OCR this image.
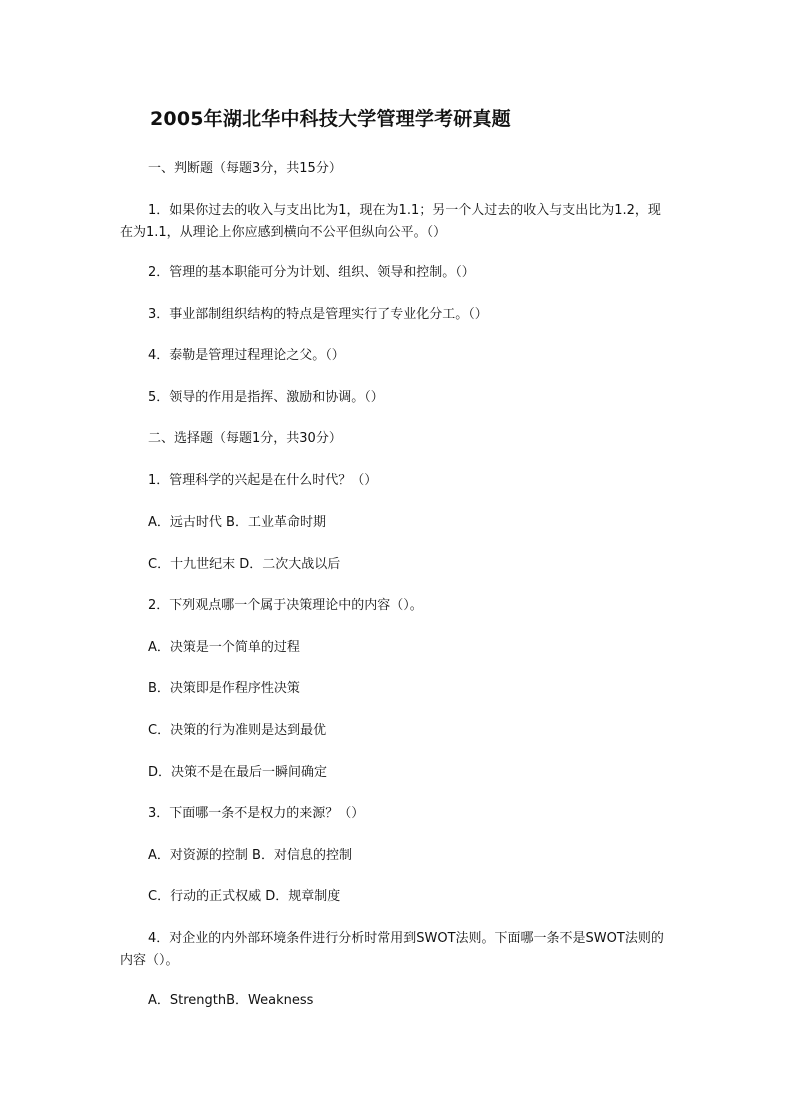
2005年湖北华中科技大学管理学考研真题
一、判断题（每题3分，共15分）
1．如果你过去的收入与支出比为1，现在为1.1；另一个人过去的收入与支出比为1.2，现在为1.1，从理论上你应感到横向不公平但纵向公平。（）
2．管理的基本职能可分为计划、组织、领导和控制。（）
3．事业部制组织结构的特点是管理实行了专业化分工。（）
4．泰勒是管理过程理论之父。（）
5．领导的作用是指挥、激励和协调。（）
二、选择题（每题1分，共30分）
1．管理科学的兴起是在什么时代？（）
A．远古时代 B．工业革命时期
C．十九世纪末 D．二次大战以后
2．下列观点哪一个属于决策理论中的内容（）。
A．决策是一个简单的过程
B．决策即是作程序性决策
C．决策的行为准则是达到最优
D．决策不是在最后一瞬间确定
3．下面哪一条不是权力的来源？（）
A．对资源的控制 B．对信息的控制
C．行动的正式权威 D．规章制度
4．对企业的内外部环境条件进行分析时常用到SWOT法则。下面哪一条不是SWOT法则的内容（）。
A．StrengthB．Weakness
